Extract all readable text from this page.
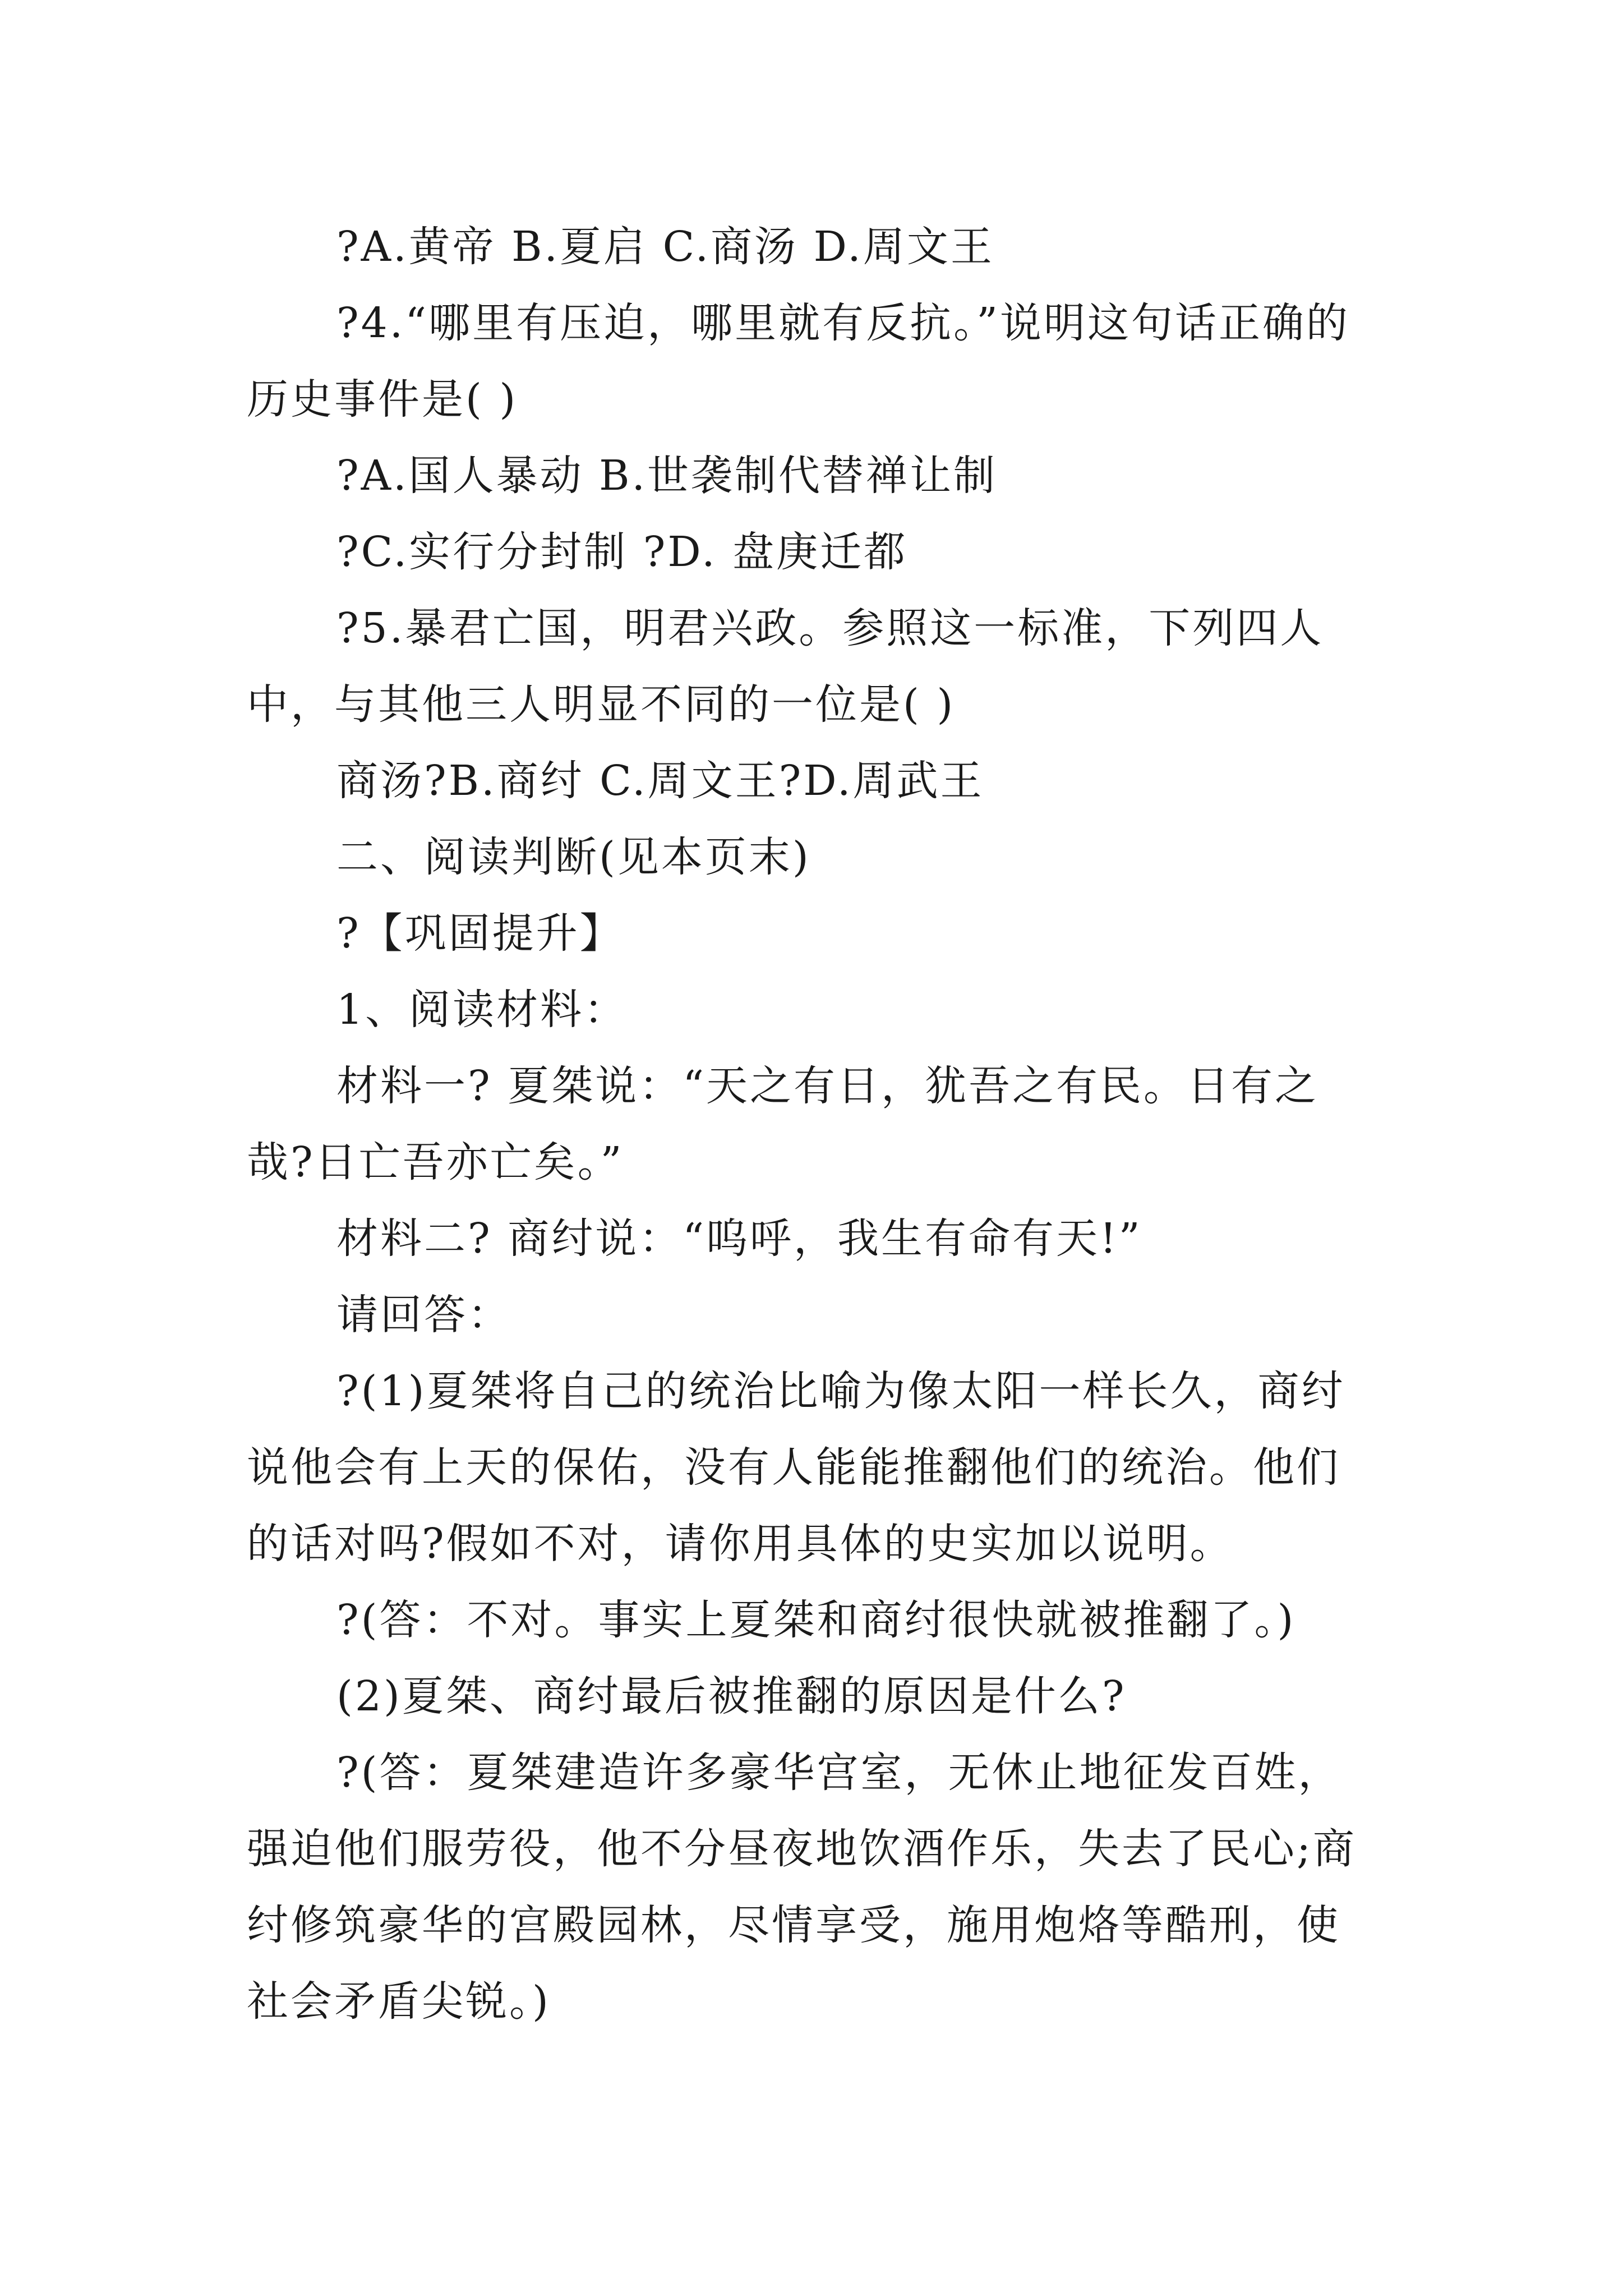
?A.黄帝 B.夏启 C.商汤 D.周文王

?4.“哪里有压迫，哪里就有反抗。”说明这句话正确的历史事件是( )

?A.国人暴动 B.世袭制代替禅让制

?C.实行分封制 ?D. 盘庚迁都

?5.暴君亡国，明君兴政。参照这一标准，下列四人中，与其他三人明显不同的一位是( )

商汤?B.商纣 C.周文王?D.周武王

二、阅读判断(见本页末)

?【巩固提升】

1、阅读材料：

材料一? 夏桀说：“天之有日，犹吾之有民。日有之哉?日亡吾亦亡矣。”

材料二? 商纣说：“呜呼，我生有命有天!”

请回答：

?(1)夏桀将自己的统治比喻为像太阳一样长久，商纣说他会有上天的保佑，没有人能能推翻他们的统治。他们的话对吗?假如不对，请你用具体的史实加以说明。

?(答：不对。事实上夏桀和商纣很快就被推翻了。)

(2)夏桀、商纣最后被推翻的原因是什么?

?(答：夏桀建造许多豪华宫室，无休止地征发百姓，强迫他们服劳役，他不分昼夜地饮酒作乐，失去了民心;商纣修筑豪华的宫殿园林，尽情享受，施用炮烙等酷刑，使社会矛盾尖锐。)
